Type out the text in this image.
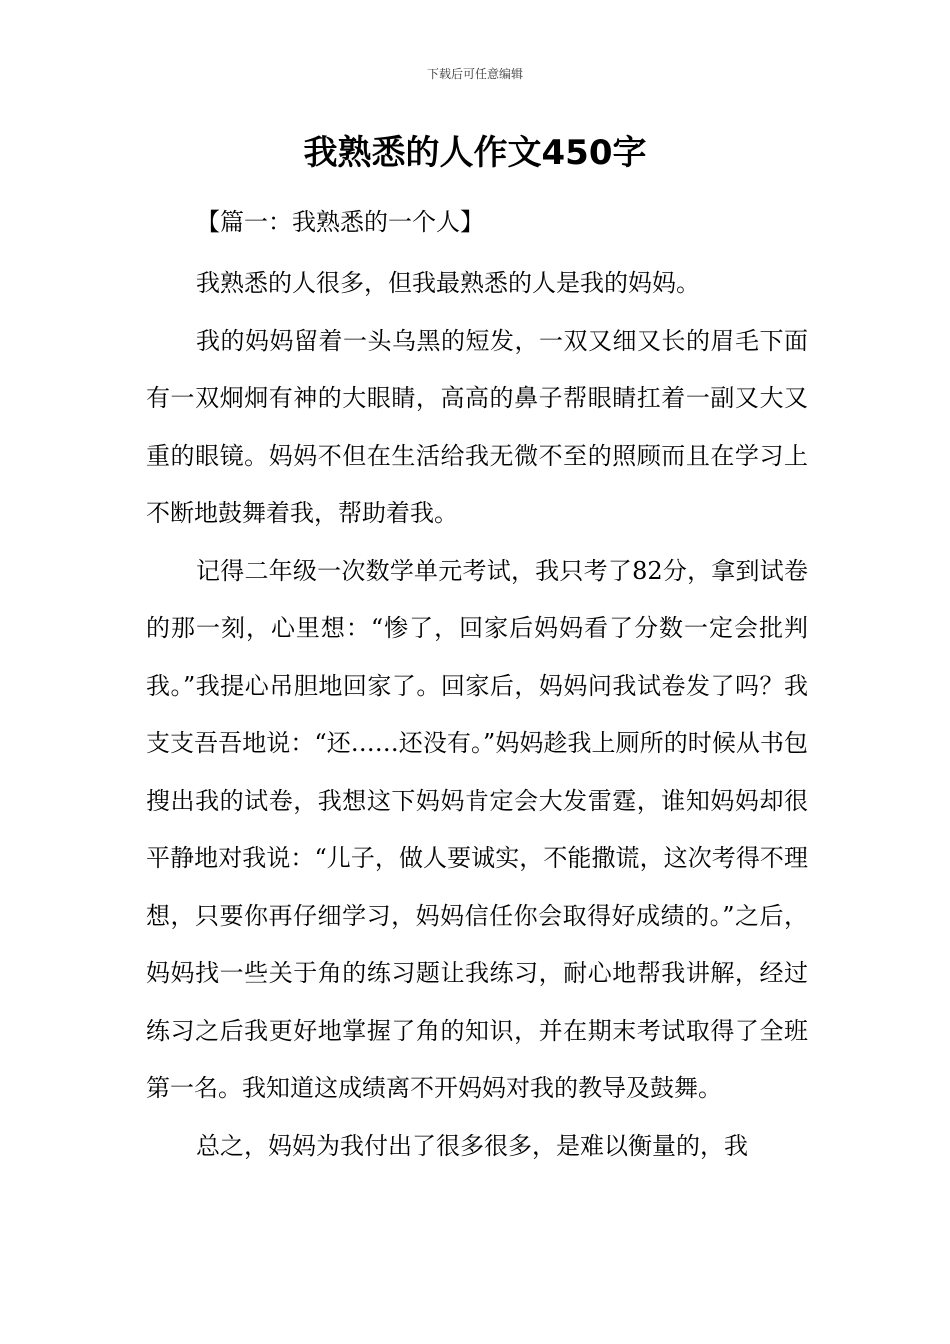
下载后可任意编辑
我熟悉的人作文450字

【篇一：我熟悉的一个人】

我熟悉的人很多，但我最熟悉的人是我的妈妈。

我的妈妈留着一头乌黑的短发，一双又细又长的眉毛下面有一双炯炯有神的大眼睛，高高的鼻子帮眼睛扛着一副又大又重的眼镜。妈妈不但在生活给我无微不至的照顾而且在学习上不断地鼓舞着我，帮助着我。

记得二年级一次数学单元考试，我只考了82分，拿到试卷的那一刻，心里想：“惨了，回家后妈妈看了分数一定会批判我。”我提心吊胆地回家了。回家后，妈妈问我试卷发了吗？我支支吾吾地说：“还……还没有。”妈妈趁我上厕所的时候从书包搜出我的试卷，我想这下妈妈肯定会大发雷霆，谁知妈妈却很平静地对我说：“儿子，做人要诚实，不能撒谎，这次考得不理想，只要你再仔细学习，妈妈信任你会取得好成绩的。”之后，妈妈找一些关于角的练习题让我练习，耐心地帮我讲解，经过练习之后我更好地掌握了角的知识，并在期末考试取得了全班第一名。我知道这成绩离不开妈妈对我的教导及鼓舞。

总之，妈妈为我付出了很多很多，是难以衡量的，我
